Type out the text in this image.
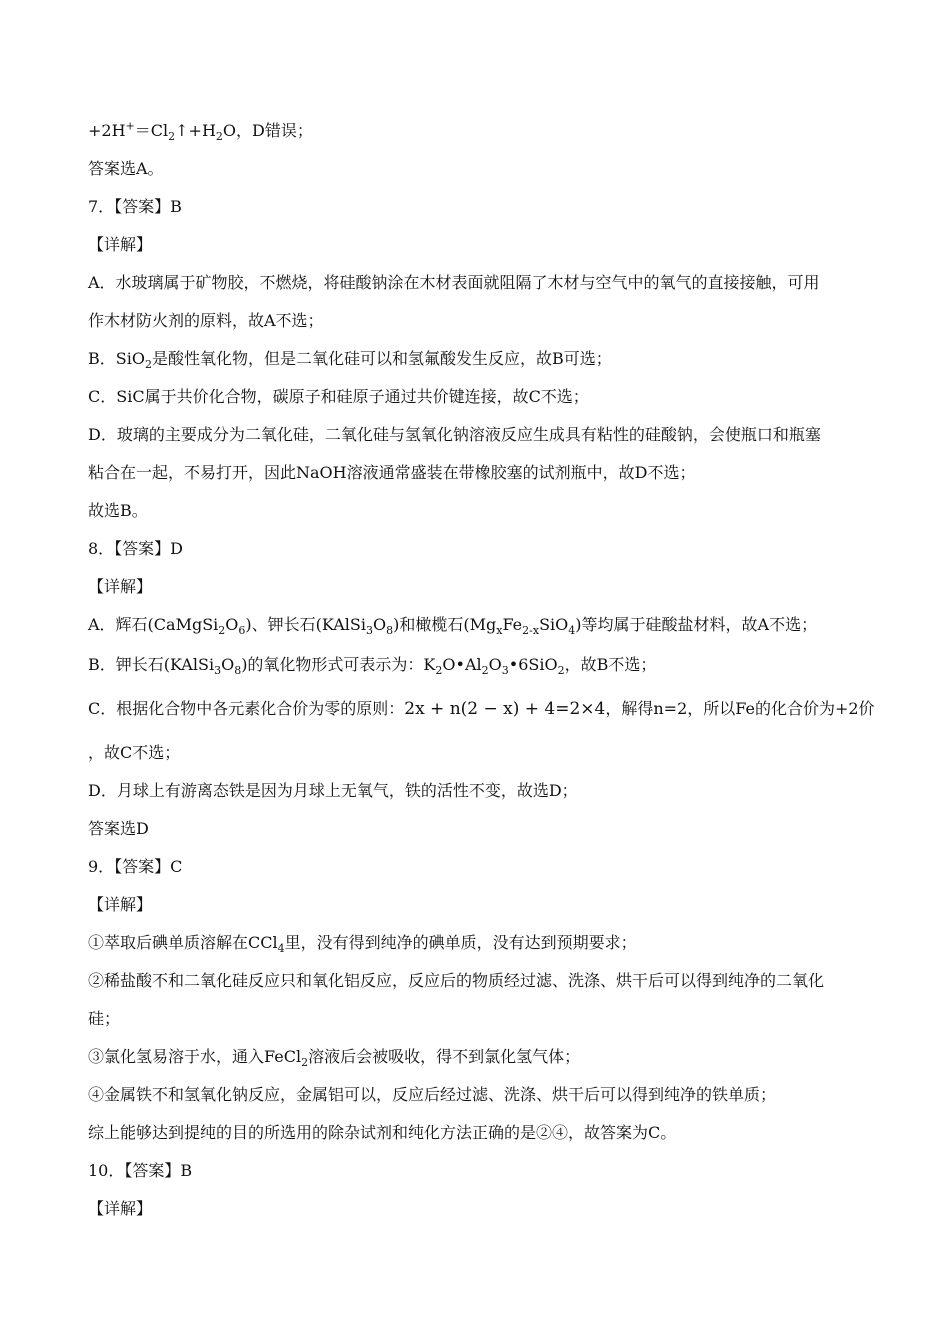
$+2H^+=Cl_2↑+H_2O$，D错误；
答案选A。
7．【答案】B
【详解】
A．水玻璃属于矿物胶，不燃烧，将硅酸钠涂在木材表面就阻隔了木材与空气中的氧气的直接接触，可用
作木材防火剂的原料，故A不选；
B．SiO$_2$是酸性氧化物，但是二氧化硅可以和氢氟酸发生反应，故B可选；
C．SiC属于共价化合物，碳原子和硅原子通过共价键连接，故C不选；
D．玻璃的主要成分为二氧化硅，二氧化硅与氢氧化钠溶液反应生成具有粘性的硅酸钠，会使瓶口和瓶塞
粘合在一起，不易打开，因此NaOH溶液通常盛装在带橡胶塞的试剂瓶中，故D不选；
故选B。
8．【答案】D
【详解】
A．辉石$(CaMgSi_2O_6)$、钾长石$(KAlSi_3O_8)$和橄榄石$(Mg_xFe_{2-x}SiO_4)$等均属于硅酸盐材料，故A不选；
B．钾长石$(KAlSi_3O_8)$的氧化物形式可表示为：$K_2O•Al_2O_3•6SiO_2$，故B不选；
C．根据化合物中各元素化合价为零的原则：2x + n(2 − x) + 4=2×4，解得n=2，所以Fe的化合价为+2价
，故C不选；
D．月球上有游离态铁是因为月球上无氧气，铁的活性不变，故选D；
答案选D
9．【答案】C
【详解】
①萃取后碘单质溶解在CCl$_4$里，没有得到纯净的碘单质，没有达到预期要求；
②稀盐酸不和二氧化硅反应只和氧化铝反应，反应后的物质经过滤、洗涤、烘干后可以得到纯净的二氧化
硅；
③氯化氢易溶于水，通入FeCl$_2$溶液后会被吸收，得不到氯化氢气体；
④金属铁不和氢氧化钠反应，金属铝可以，反应后经过滤、洗涤、烘干后可以得到纯净的铁单质；
综上能够达到提纯的目的所选用的除杂试剂和纯化方法正确的是②④，故答案为C。
10．【答案】B
【详解】
